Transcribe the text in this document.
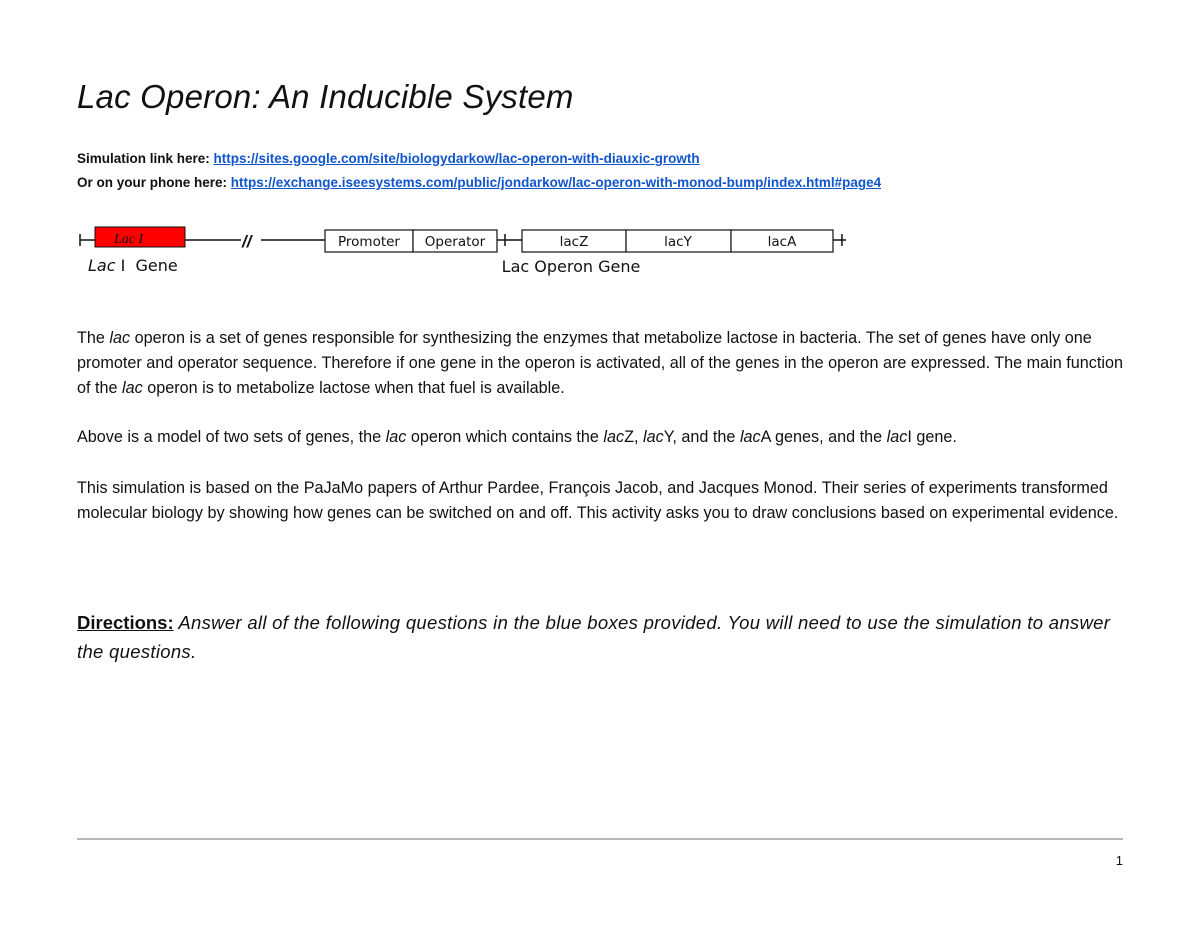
Lac Operon: An Inducible System
Simulation link here: https://sites.google.com/site/biologydarkow/lac-operon-with-diauxic-growth
Or on your phone here: https://exchange.iseesystems.com/public/jondarkow/lac-operon-with-monod-bump/index.html#page4
Lac I	//
Lac I  Gene
Promoter Operator	lacZ	lacY	lacA
Lac Operon Gene

The lac operon is a set of genes responsible for synthesizing the enzymes that metabolize lactose in bacteria. The set of genes have only one promoter and operator sequence. Therefore if one gene in the operon is activated, all of the genes in the operon are expressed. The main function of the lac operon is to metabolize lactose when that fuel is available.

Above is a model of two sets of genes, the lac operon which contains the lacZ, lacY, and the lacA genes, and the lacI gene.

This simulation is based on the PaJaMo papers of Arthur Pardee, François Jacob, and Jacques Monod. Their series of experiments transformed molecular biology by showing how genes can be switched on and off. This activity asks you to draw conclusions based on experimental evidence.

Directions: Answer all of the following questions in the blue boxes provided. You will need to use the simulation to answer the questions.

1
